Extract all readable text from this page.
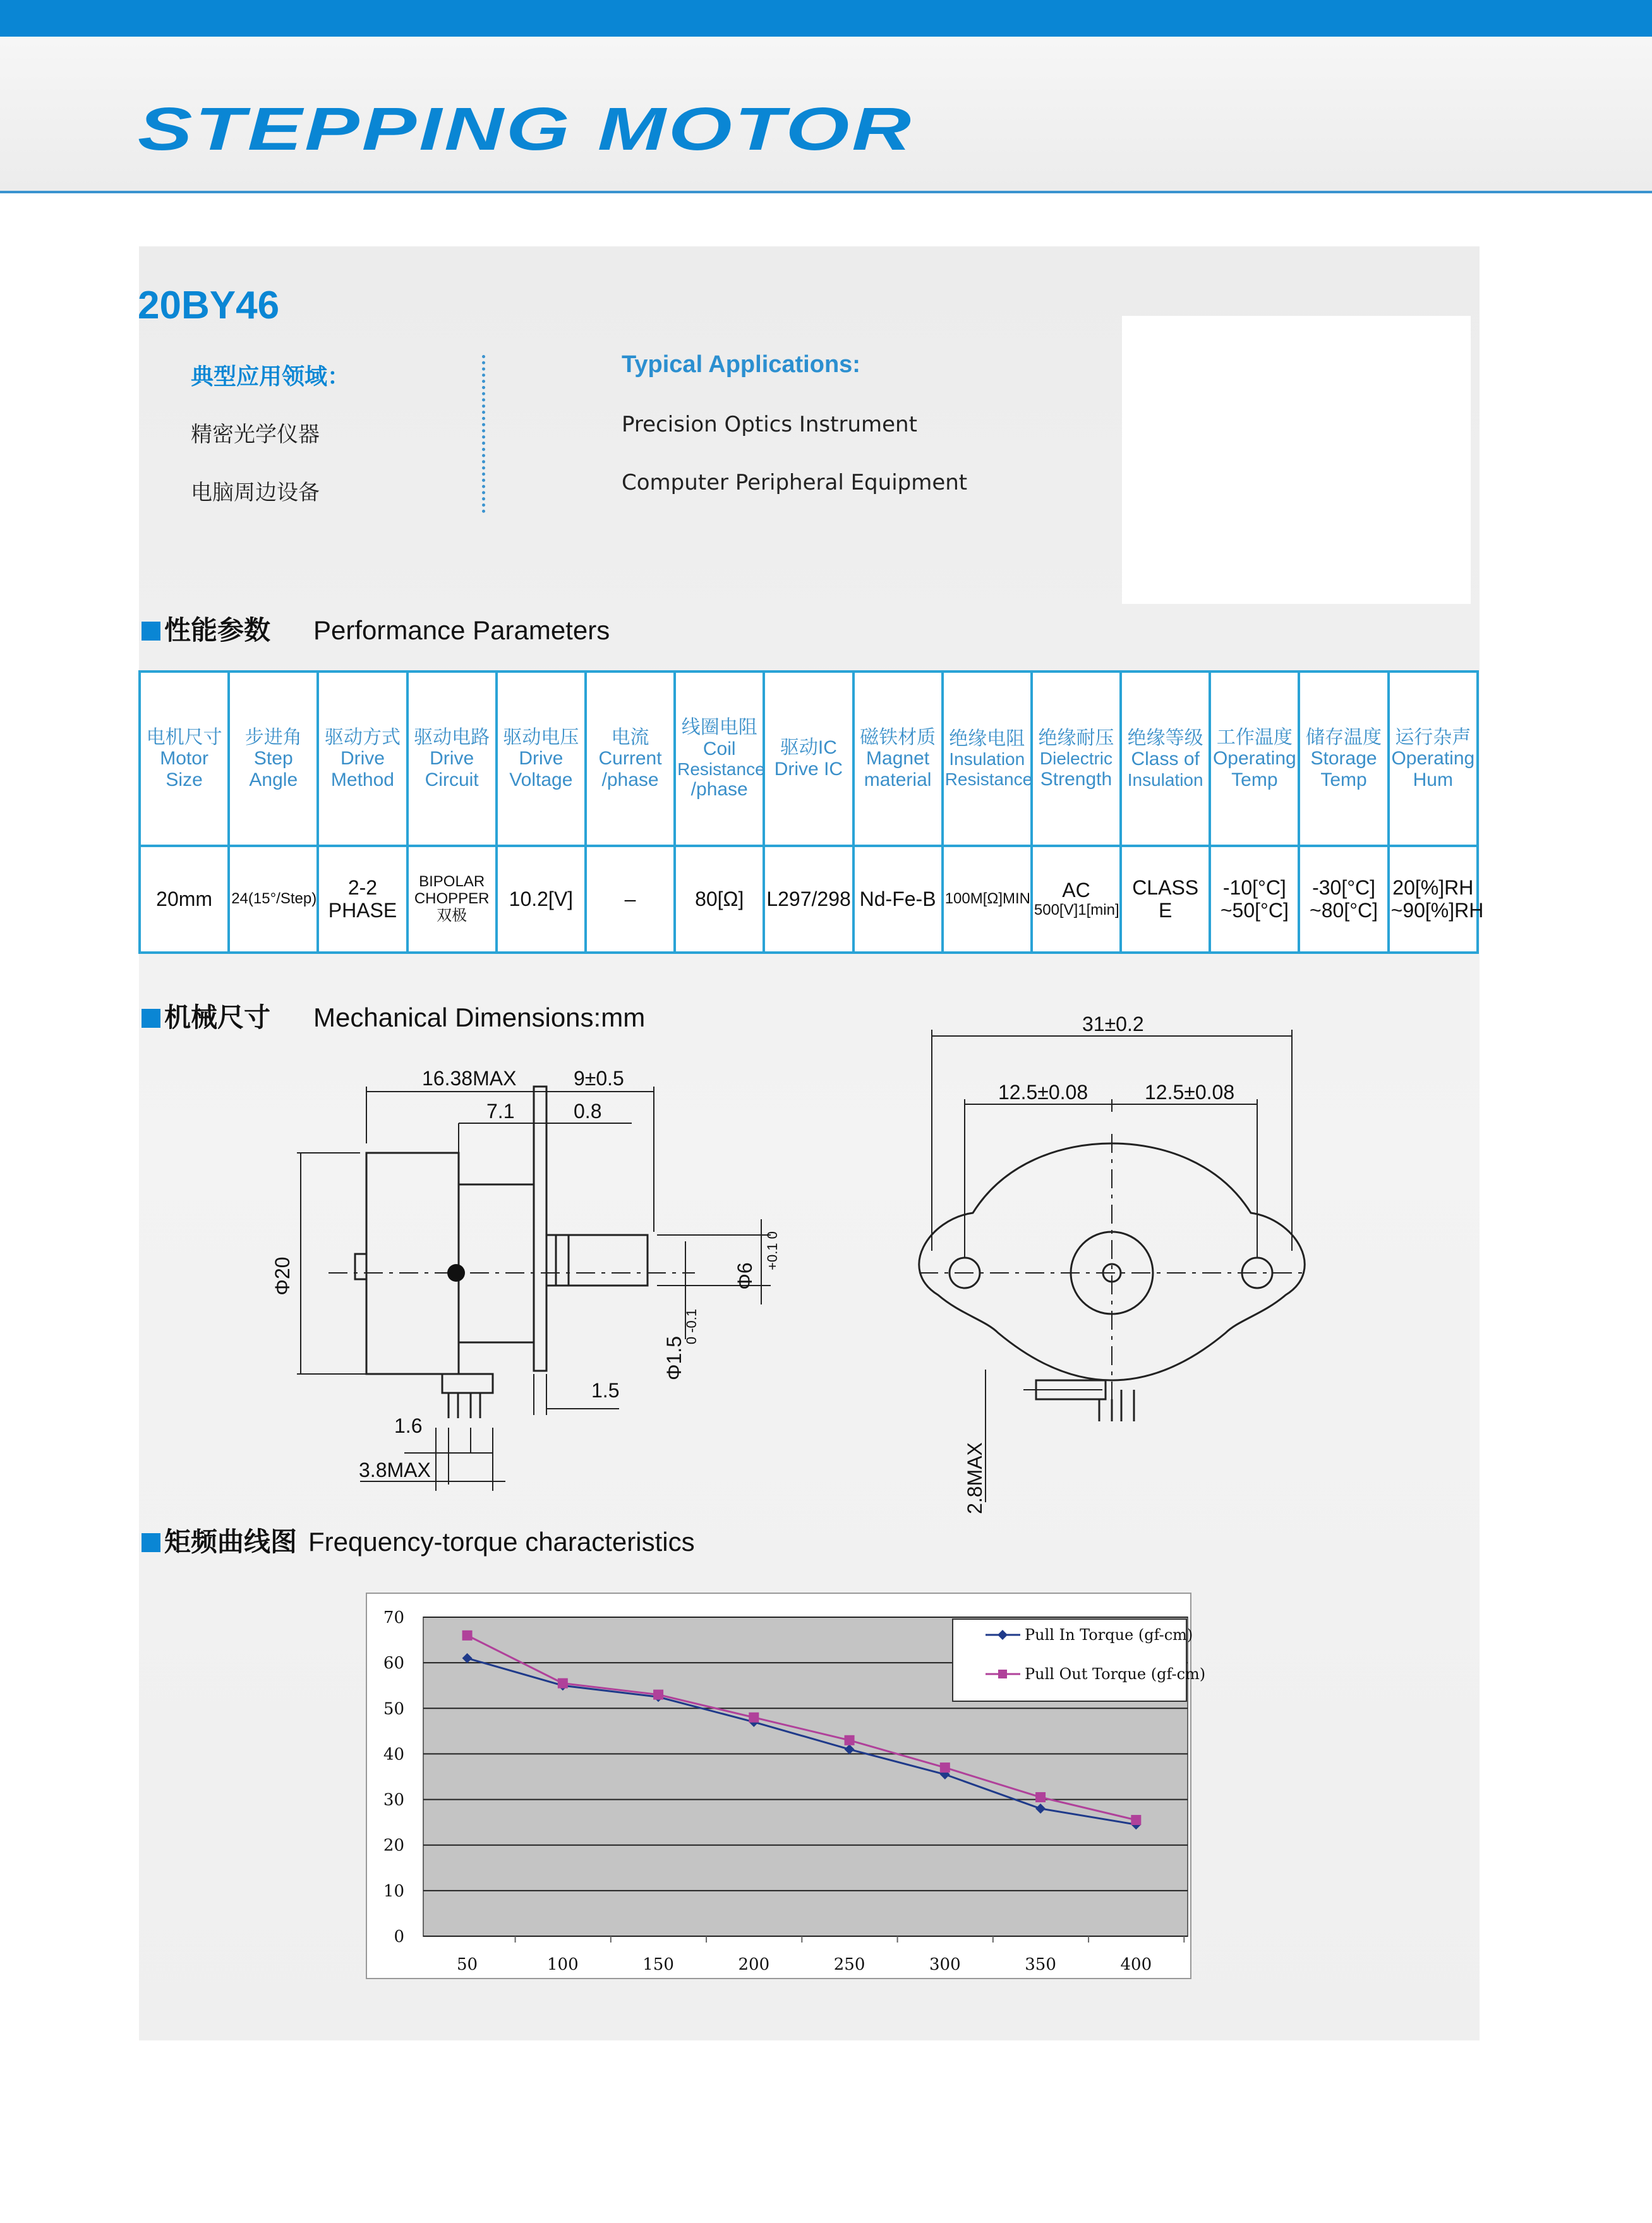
STEPPING MOTOR
20BY46
典型应用领域：
精密光学仪器
电脑周边设备
Typical Applications:
Precision Optics Instrument
Computer Peripheral Equipment
性能参数 Performance Parameters
电机尺寸
Motor
Size	步进角
Step
Angle	驱动方式
Drive
Method	驱动电路
Drive
Circuit	驱动电压
Drive
Voltage	电流
Current
/phase	线圈电阻
Coil
Resistance
/phase	驱动IC
Drive IC	磁铁材质
Magnet
material	绝缘电阻
Insulation
Resistance	绝缘耐压
Dielectric
Strength	绝缘等级
Class of
Insulation	工作温度
Operating
Temp	储存温度
Storage
Temp	运行杂声
Operating
Hum

20mm	24(15°/Step)	2-2 PHASE	BIPOLAR
CHOPPER
双极	10.2[V]	–	80[Ω]	L297/298	Nd-Fe-B	100M[Ω]MIN	AC
500[V]1[min]	CLASS E	-10[°C]
~50[°C]	-30[°C]
~80[°C]	20[%]RH
~90[%]RH
机械尺寸 Mechanical Dimensions:mm
16.38MAX	9±0.5
7.1	0.8
Φ20	Φ6
+0.1 0
Φ1.5
0 -0.1
1.5
1.6
3.8MAX
31±0.2
12.5±0.08	12.5±0.08
2.8MAX
矩频曲线图 Frequency-torque characteristics
0
10
20
30
40
50
60
70
50	100	150	200	250	300	350	400
Pull In Torque (gf-cm)
Pull Out Torque (gf-cm)
